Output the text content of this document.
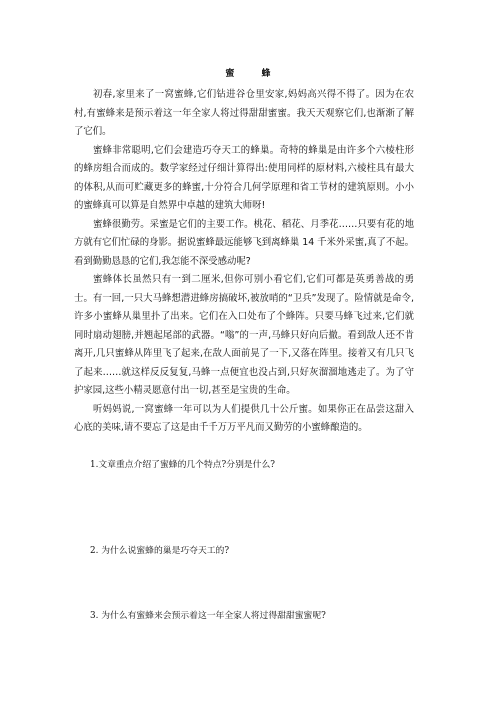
蜜 蜂

初春,家里来了一窝蜜蜂,它们钻进谷仓里安家,妈妈高兴得不得了。因为在农村,有蜜蜂来是预示着这一年全家人将过得甜甜蜜蜜。我天天观察它们,也渐渐了解了它们。

蜜蜂非常聪明,它们会建造巧夺天工的蜂巢。奇特的蜂巢是由许多个六棱柱形的蜂房组合而成的。数学家经过仔细计算得出:使用同样的原材料,六棱柱具有最大的体积,从而可贮藏更多的蜂蜜,十分符合几何学原理和省工节材的建筑原则。小小的蜜蜂真可以算是自然界中卓越的建筑大师呀!

蜜蜂很勤劳。采蜜是它们的主要工作。桃花、稻花、月季花……只要有花的地方就有它们忙碌的身影。据说蜜蜂最远能够飞到离蜂巢 14 千米外采蜜,真了不起。看到勤勤恳恳的它们,我怎能不深受感动呢?

蜜蜂体长虽然只有一到二厘米,但你可别小看它们,它们可都是英勇善战的勇士。有一回,一只大马蜂想潜进蜂房搞破坏,被放哨的“卫兵”发现了。险情就是命令,许多小蜜蜂从巢里扑了出来。它们在入口处布了个蜂阵。只要马蜂飞过来,它们就同时扇动翅膀,并翘起尾部的武器。“嗡”的一声,马蜂只好向后撤。看到敌人还不肯离开,几只蜜蜂从阵里飞了起来,在敌人面前晃了一下,又落在阵里。接着又有几只飞了起来……就这样反反复复,马蜂一点便宜也没占到,只好灰溜溜地逃走了。为了守护家园,这些小精灵愿意付出一切,甚至是宝贵的生命。

听妈妈说,一窝蜜蜂一年可以为人们提供几十公斤蜜。如果你正在品尝这甜入心底的美味,请不要忘了这是由千千万万平凡而又勤劳的小蜜蜂酿造的。

1.文章重点介绍了蜜蜂的几个特点?分别是什么?
2. 为什么说蜜蜂的巢是巧夺天工的?
3. 为什么有蜜蜂来会预示着这一年全家人将过得甜甜蜜蜜呢?
